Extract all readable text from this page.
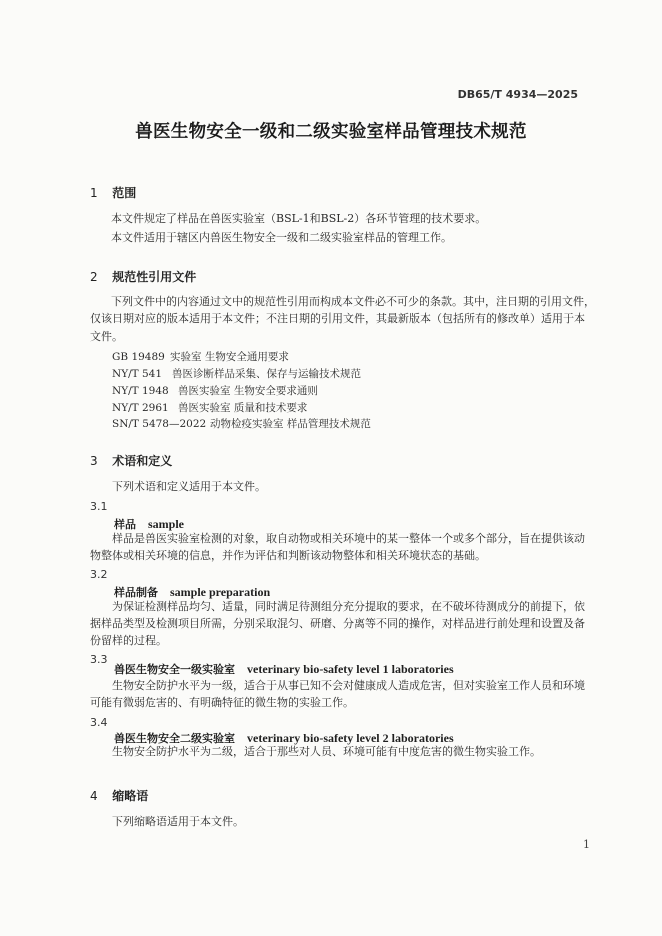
DB65/T 4934—2025
兽医生物安全一级和二级实验室样品管理技术规范
1 范围
本文件规定了样品在兽医实验室（BSL-1和BSL-2）各环节管理的技术要求。
本文件适用于辖区内兽医生物安全一级和二级实验室样品的管理工作。
2 规范性引用文件
下列文件中的内容通过文中的规范性引用而构成本文件必不可少的条款。其中，注日期的引用文件，
仅该日期对应的版本适用于本文件；不注日期的引用文件，其最新版本（包括所有的修改单）适用于本
文件。
GB 19489 实验室 生物安全通用要求
NY/T 541 兽医诊断样品采集、保存与运输技术规范
NY/T 1948 兽医实验室 生物安全要求通则
NY/T 2961 兽医实验室 质量和技术要求
SN/T 5478—2022 动物检疫实验室 样品管理技术规范
3 术语和定义
下列术语和定义适用于本文件。
3.1
样品 sample
样品是兽医实验室检测的对象，取自动物或相关环境中的某一整体一个或多个部分，旨在提供该动
物整体或相关环境的信息，并作为评估和判断该动物整体和相关环境状态的基础。
3.2
样品制备 sample preparation
为保证检测样品均匀、适量，同时满足待测组分充分提取的要求，在不破坏待测成分的前提下，依
据样品类型及检测项目所需，分别采取混匀、研磨、分离等不同的操作，对样品进行前处理和设置及备
份留样的过程。
3.3
兽医生物安全一级实验室 veterinary bio-safety level 1 laboratories
生物安全防护水平为一级，适合于从事已知不会对健康成人造成危害，但对实验室工作人员和环境
可能有微弱危害的、有明确特征的微生物的实验工作。
3.4
兽医生物安全二级实验室 veterinary bio-safety level 2 laboratories
生物安全防护水平为二级，适合于那些对人员、环境可能有中度危害的微生物实验工作。
4 缩略语
下列缩略语适用于本文件。
1
